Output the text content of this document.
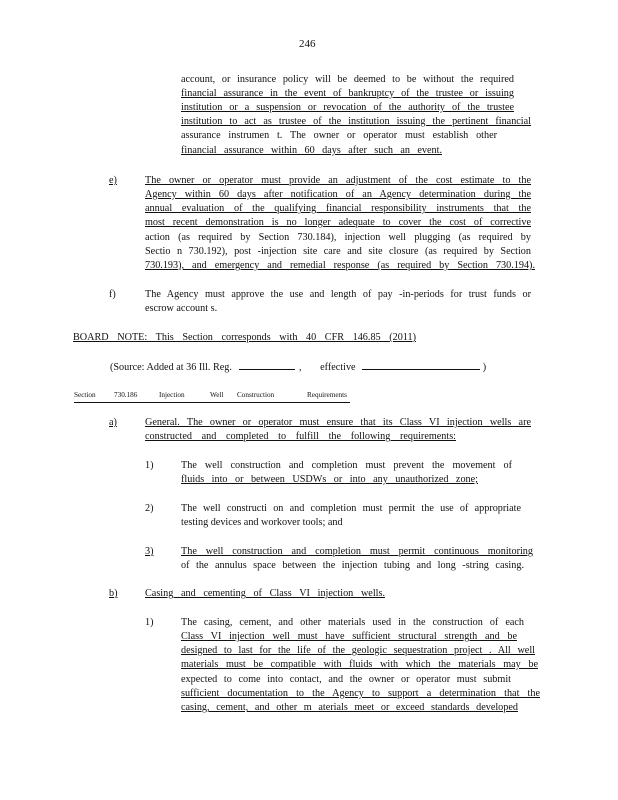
246
account, or insurance policy will be deemed to be without the required
financial assurance in the event of bankruptcy of the trustee or issuing
institution or a suspension or revocation of the authority of the trustee
institution to act as trustee of the institution issuing the pertinent financial
assurance instrumen t. The owner or operator must establish other
financial assurance within 60 days after such an event.
e)	The owner or operator must provide an adjustment of the cost estimate to the
Agency within 60 days after notification of an Agency determination during the
annual evaluation of the qualifying financial responsibility instruments that the
most recent demonstration is no longer adequate to cover the cost of corrective
action (as required by Section 730.184), injection well plugging (as required by
Sectio n 730.192), post -injection site care and site closure (as required by Section
730.193), and emergency and remedial response (as required by Section 730.194).
f)	The Agency must approve the use and length of pay -in-periods for trust funds or
escrow account s.
BOARD NOTE: This Section corresponds with 40 CFR 146.85 (2011)
(Source: Added at 36 Ill. Reg.	, effective	)
Section	730.186	Injection	Well Construction	Requirements
a)	General. The owner or operator must ensure that its Class VI injection wells are
constructed and completed to fulfill the following requirements:
1)	The well construction and completion must prevent the movement of
fluids into or between USDWs or into any unauthorized zone;
2)	The well constructi on and completion must permit the use of appropriate
testing devices and workover tools; and
3)	The well construction and completion must permit continuous monitoring
of the annulus space between the injection tubing and long -string casing.
b)	Casing and cementing of Class VI injection wells.
1)	The casing, cement, and other materials used in the construction of each
Class VI injection well must have sufficient structural strength and be
designed to last for the life of the geologic sequestration project . All well
materials must be compatible with fluids with which the materials may be
expected to come into contact, and the owner or operator must submit
sufficient documentation to the Agency to support a determination that the
casing, cement, and other m aterials meet or exceed standards developed
